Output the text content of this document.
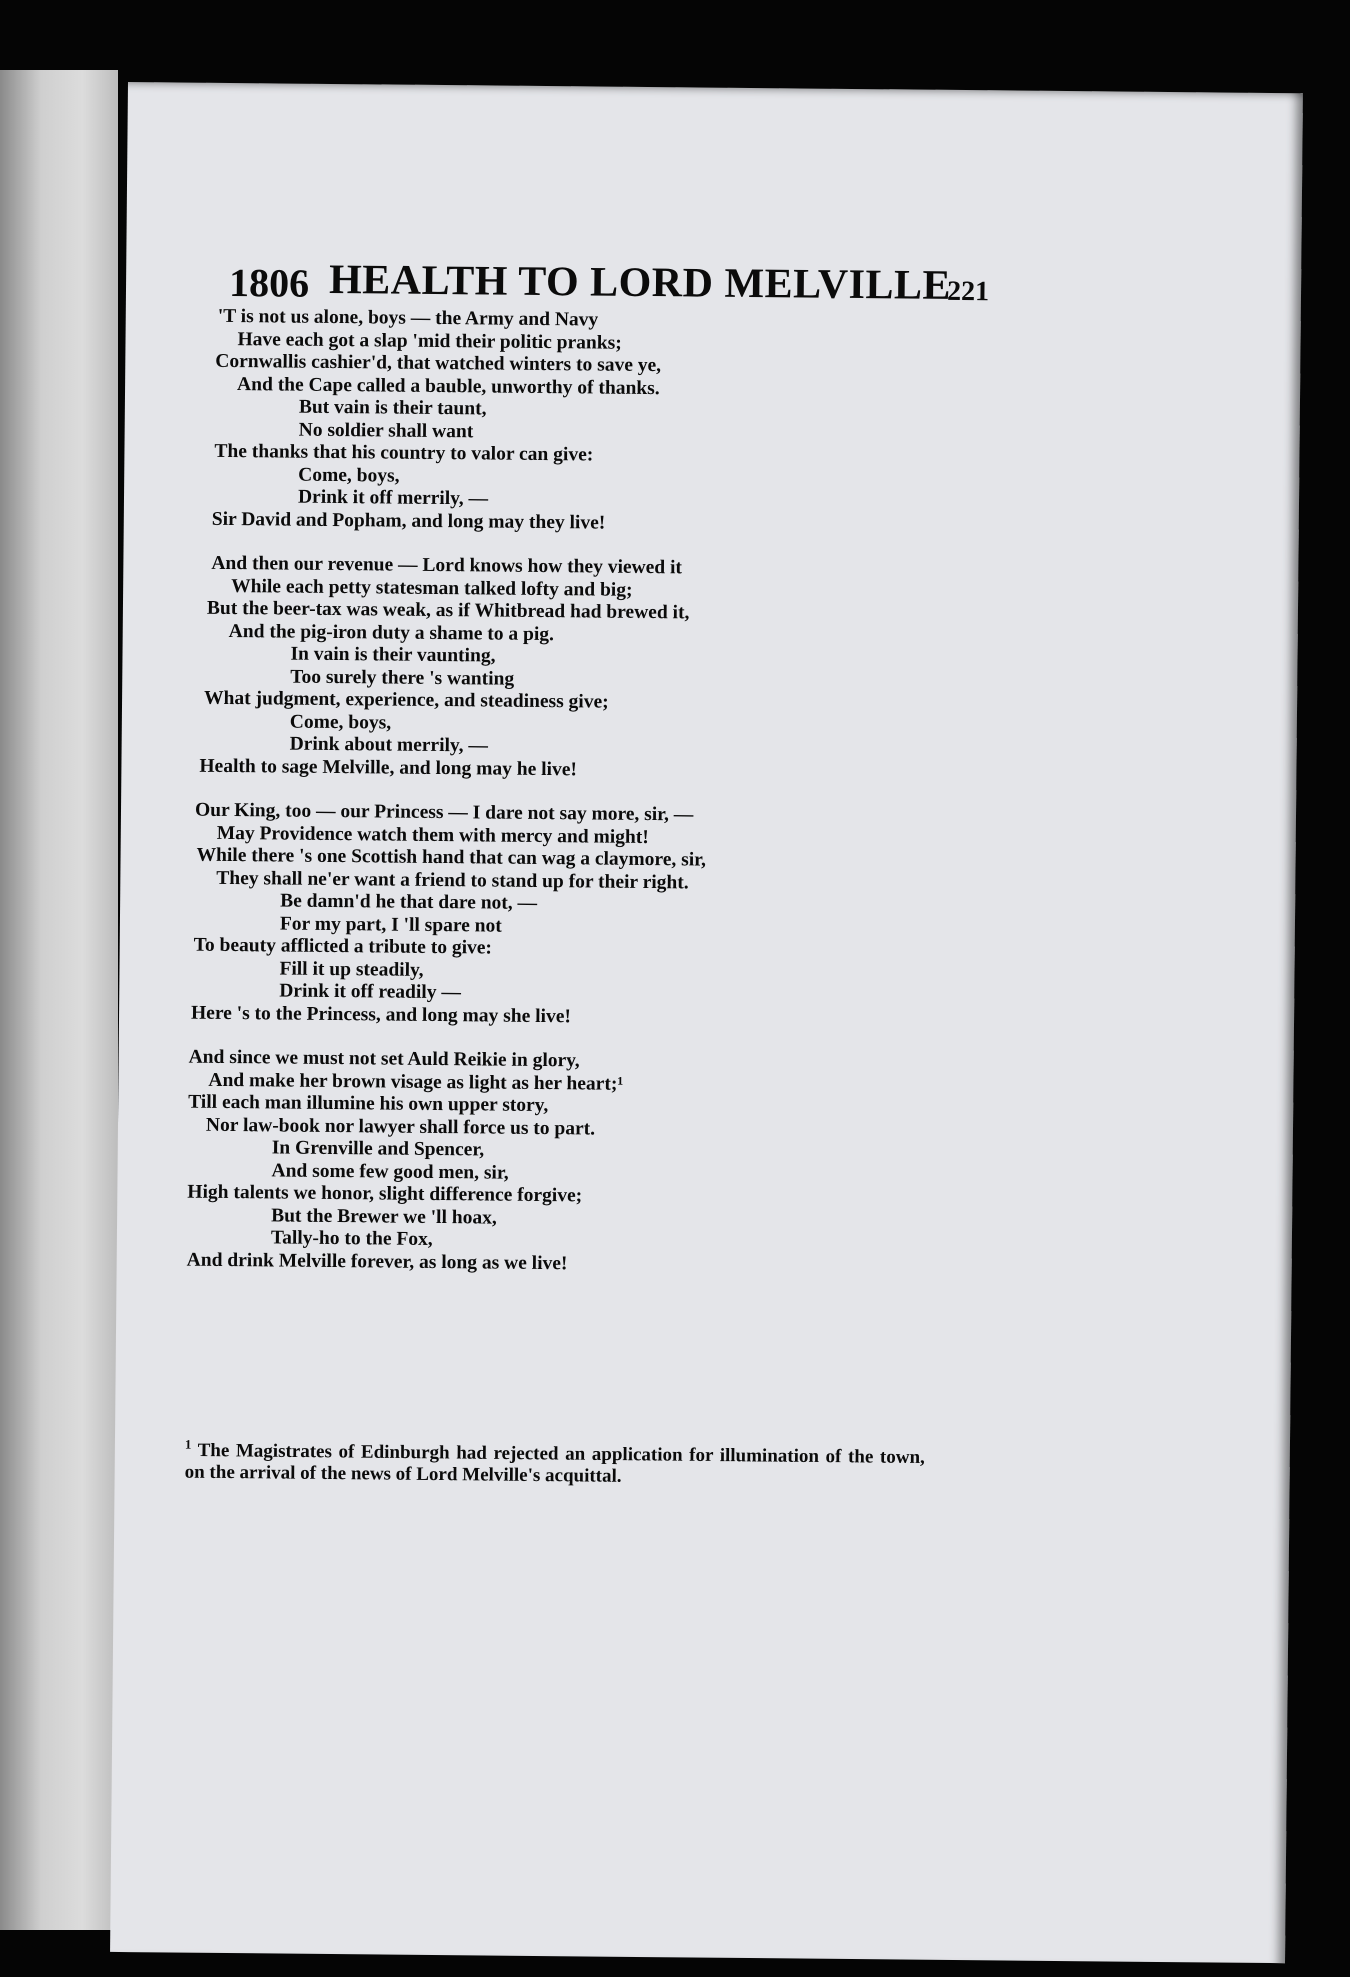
1806 HEALTH TO LORD MELVILLE
221
'T is not us alone, boys — the Army and Navy
Have each got a slap 'mid their politic pranks;
Cornwallis cashier'd, that watched winters to save ye,
And the Cape called a bauble, unworthy of thanks.
But vain is their taunt,
No soldier shall want
The thanks that his country to valor can give:
Come, boys,
Drink it off merrily, —
Sir David and Popham, and long may they live!
And then our revenue — Lord knows how they viewed it
While each petty statesman talked lofty and big;
But the beer-tax was weak, as if Whitbread had brewed it,
And the pig-iron duty a shame to a pig.
In vain is their vaunting,
Too surely there 's wanting
What judgment, experience, and steadiness give;
Come, boys,
Drink about merrily, —
Health to sage Melville, and long may he live!
Our King, too — our Princess — I dare not say more, sir, —
May Providence watch them with mercy and might!
While there 's one Scottish hand that can wag a claymore, sir,
They shall ne'er want a friend to stand up for their right.
Be damn'd he that dare not, —
For my part, I 'll spare not
To beauty afflicted a tribute to give:
Fill it up steadily,
Drink it off readily —
Here 's to the Princess, and long may she live!
And since we must not set Auld Reikie in glory,
And make her brown visage as light as her heart;¹
Till each man illumine his own upper story,
Nor law-book nor lawyer shall force us to part.
In Grenville and Spencer,
And some few good men, sir,
High talents we honor, slight difference forgive;
But the Brewer we 'll hoax,
Tally-ho to the Fox,
And drink Melville forever, as long as we live!
$^1$ The Magistrates of Edinburgh had rejected an application for illumination of the town, on the arrival of the news of Lord Melville's acquittal.
